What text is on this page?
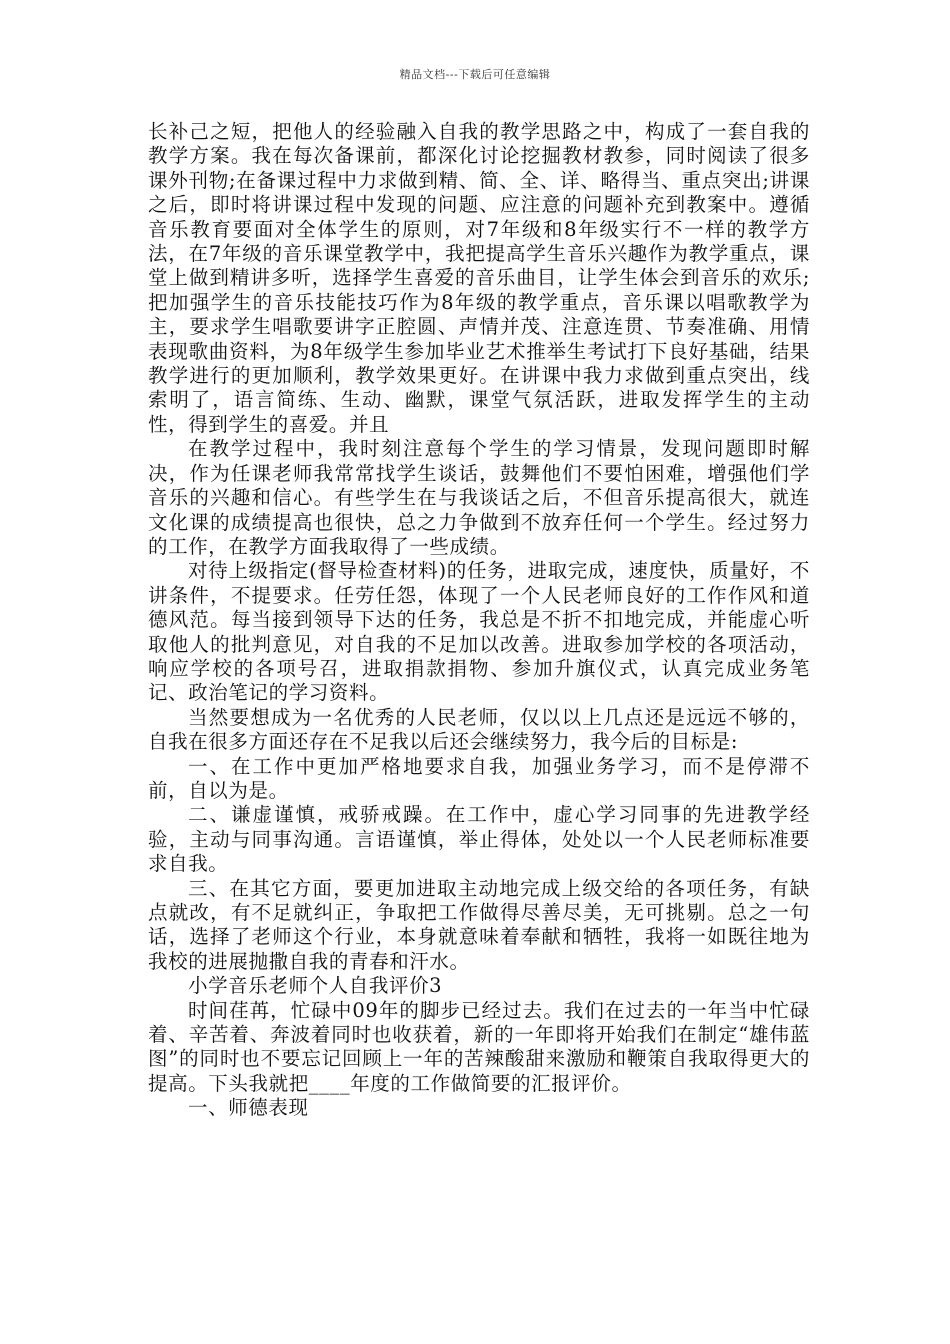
精品文档---下载后可任意编辑

长补己之短，把他人的经验融入自我的教学思路之中，构成了一套自我的教学方案。我在每次备课前，都深化讨论挖掘教材教参，同时阅读了很多课外刊物;在备课过程中力求做到精、简、全、详、略得当、重点突出;讲课之后，即时将讲课过程中发现的问题、应注意的问题补充到教案中。遵循音乐教育要面对全体学生的原则，对7年级和8年级实行不一样的教学方法，在7年级的音乐课堂教学中，我把提高学生音乐兴趣作为教学重点，课堂上做到精讲多听，选择学生喜爱的音乐曲目，让学生体会到音乐的欢乐;把加强学生的音乐技能技巧作为8年级的教学重点，音乐课以唱歌教学为主，要求学生唱歌要讲字正腔圆、声情并茂、注意连贯、节奏准确、用情表现歌曲资料，为8年级学生参加毕业艺术推举生考试打下良好基础，结果教学进行的更加顺利，教学效果更好。在讲课中我力求做到重点突出，线索明了，语言简练、生动、幽默，课堂气氛活跃，进取发挥学生的主动性，得到学生的喜爱。并且

在教学过程中，我时刻注意每个学生的学习情景，发现问题即时解决，作为任课老师我常常找学生谈话，鼓舞他们不要怕困难，增强他们学音乐的兴趣和信心。有些学生在与我谈话之后，不但音乐提高很大，就连文化课的成绩提高也很快，总之力争做到不放弃任何一个学生。经过努力的工作，在教学方面我取得了一些成绩。

对待上级指定(督导检查材料)的任务，进取完成，速度快，质量好，不讲条件，不提要求。任劳任怨，体现了一个人民老师良好的工作作风和道德风范。每当接到领导下达的任务，我总是不折不扣地完成，并能虚心听取他人的批判意见，对自我的不足加以改善。进取参加学校的各项活动，响应学校的各项号召，进取捐款捐物、参加升旗仪式，认真完成业务笔记、政治笔记的学习资料。

当然要想成为一名优秀的人民老师，仅以以上几点还是远远不够的，自我在很多方面还存在不足我以后还会继续努力，我今后的目标是:

一、在工作中更加严格地要求自我，加强业务学习，而不是停滞不前，自以为是。

二、谦虚谨慎，戒骄戒躁。在工作中，虚心学习同事的先进教学经验，主动与同事沟通。言语谨慎，举止得体，处处以一个人民老师标准要求自我。

三、在其它方面，要更加进取主动地完成上级交给的各项任务，有缺点就改，有不足就纠正，争取把工作做得尽善尽美，无可挑剔。总之一句话，选择了老师这个行业，本身就意味着奉献和牺牲，我将一如既往地为我校的进展抛撒自我的青春和汗水。

小学音乐老师个人自我评价3

时间荏苒，忙碌中09年的脚步已经过去。我们在过去的一年当中忙碌着、辛苦着、奔波着同时也收获着，新的一年即将开始我们在制定“雄伟蓝图”的同时也不要忘记回顾上一年的苦辣酸甜来激励和鞭策自我取得更大的提高。下头我就把____年度的工作做简要的汇报评价。

一、师德表现
